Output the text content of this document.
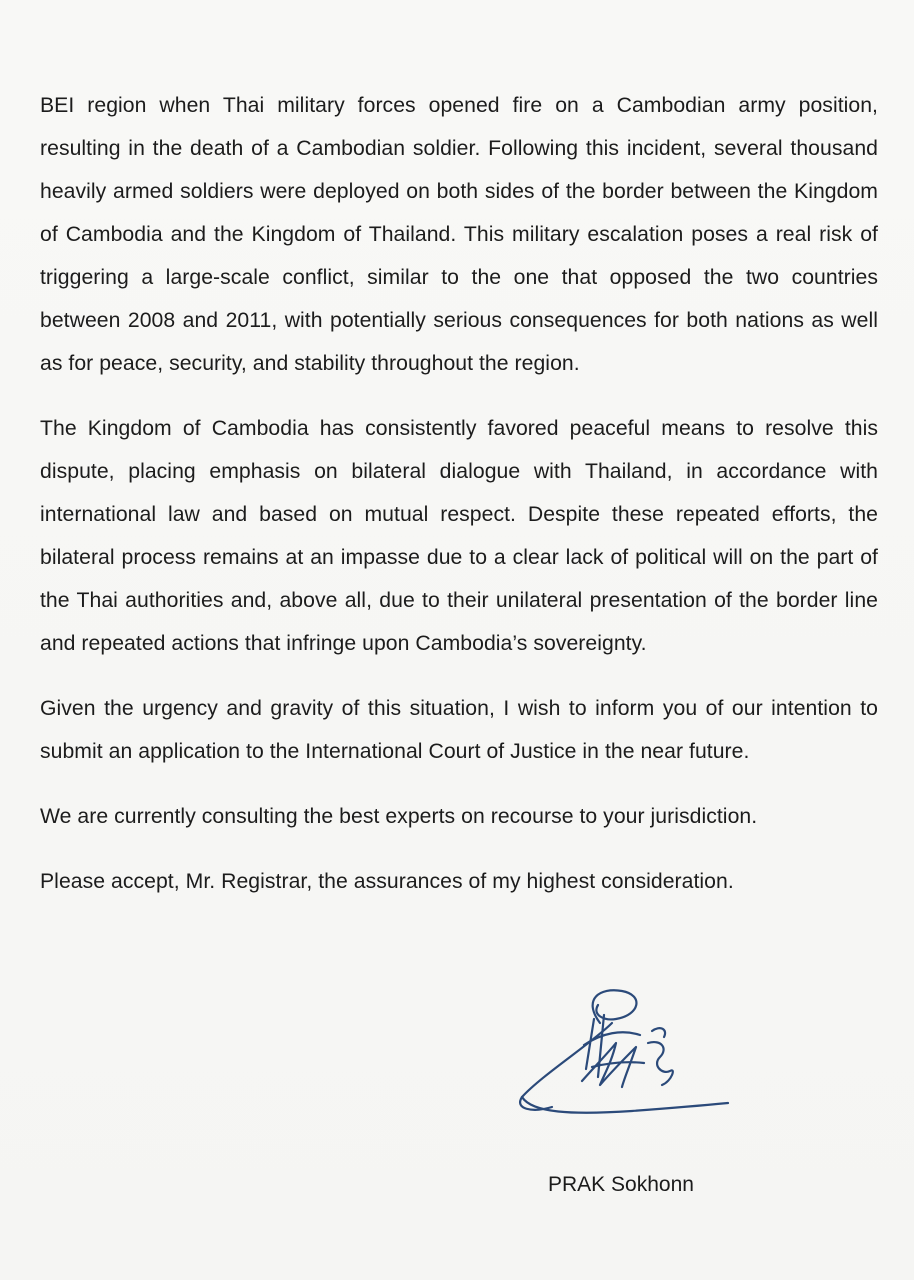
BEI region when Thai military forces opened fire on a Cambodian army position, resulting in the death of a Cambodian soldier. Following this incident, several thousand heavily armed soldiers were deployed on both sides of the border between the Kingdom of Cambodia and the Kingdom of Thailand. This military escalation poses a real risk of triggering a large-scale conflict, similar to the one that opposed the two countries between 2008 and 2011, with potentially serious consequences for both nations as well as for peace, security, and stability throughout the region.

The Kingdom of Cambodia has consistently favored peaceful means to resolve this dispute, placing emphasis on bilateral dialogue with Thailand, in accordance with international law and based on mutual respect. Despite these repeated efforts, the bilateral process remains at an impasse due to a clear lack of political will on the part of the Thai authorities and, above all, due to their unilateral presentation of the border line and repeated actions that infringe upon Cambodia’s sovereignty.

Given the urgency and gravity of this situation, I wish to inform you of our intention to submit an application to the International Court of Justice in the near future.

We are currently consulting the best experts on recourse to your jurisdiction.

Please accept, Mr. Registrar, the assurances of my highest consideration.

PRAK Sokhonn
